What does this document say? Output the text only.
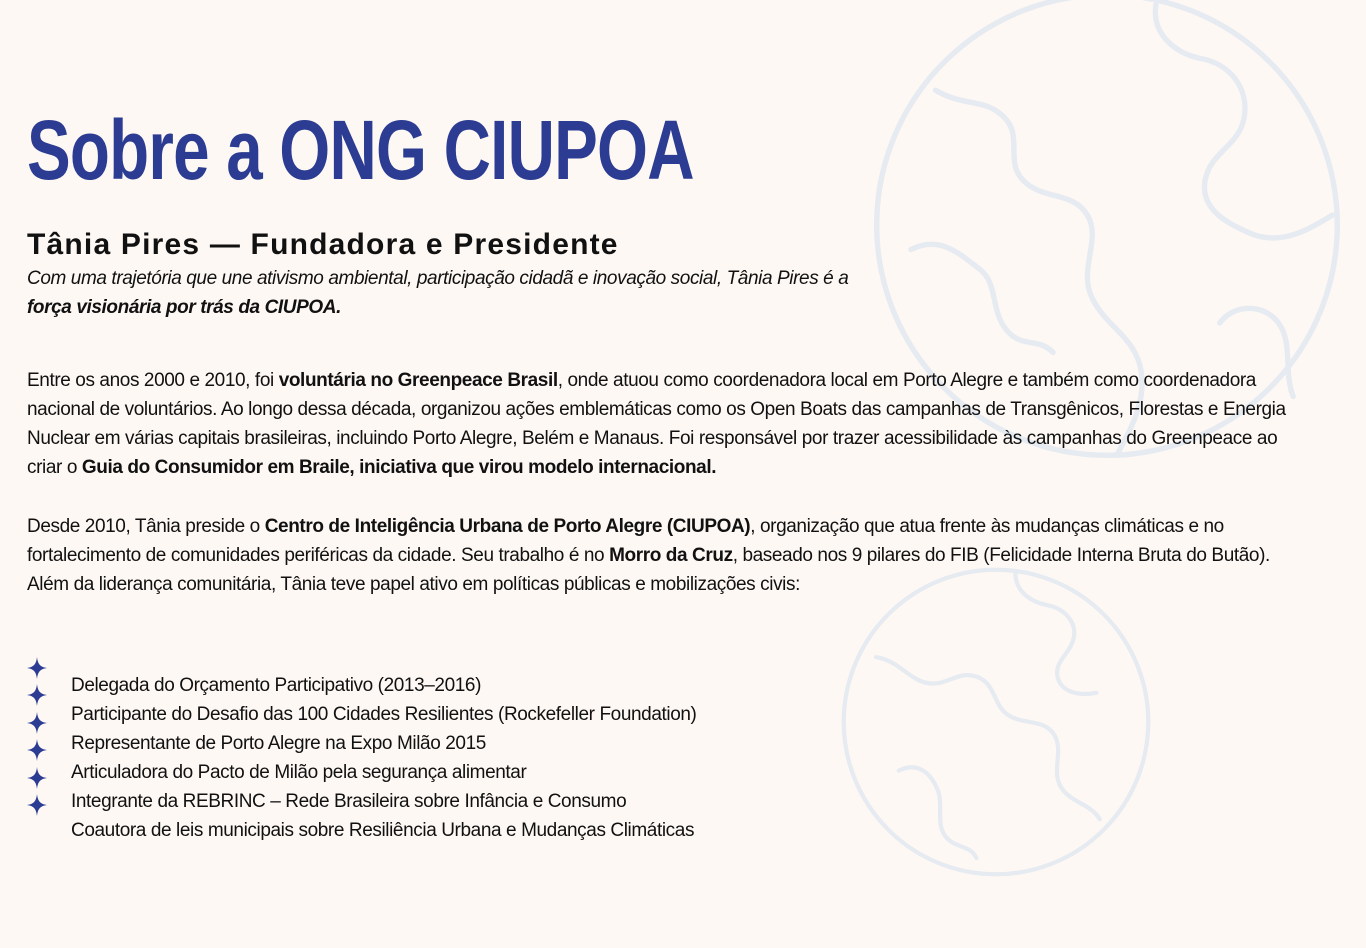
Sobre a ONG CIUPOA
Tânia Pires — Fundadora e Presidente

Com uma trajetória que une ativismo ambiental, participação cidadã e inovação social, Tânia Pires é a
força visionária por trás da CIUPOA.

Entre os anos 2000 e 2010, foi voluntária no Greenpeace Brasil, onde atuou como coordenadora local em Porto Alegre e também como coordenadora nacional de voluntários. Ao longo dessa década, organizou ações emblemáticas como os Open Boats das campanhas de Transgênicos, Florestas e Energia Nuclear em várias capitais brasileiras, incluindo Porto Alegre, Belém e Manaus. Foi responsável por trazer acessibilidade às campanhas do Greenpeace ao criar o Guia do Consumidor em Braile, iniciativa que virou modelo internacional.

Desde 2010, Tânia preside o Centro de Inteligência Urbana de Porto Alegre (CIUPOA), organização que atua frente às mudanças climáticas e no fortalecimento de comunidades periféricas da cidade. Seu trabalho é no Morro da Cruz, baseado nos 9 pilares do FIB (Felicidade Interna Bruta do Butão).
Além da liderança comunitária, Tânia teve papel ativo em políticas públicas e mobilizações civis:

Delegada do Orçamento Participativo (2013–2016)
Participante do Desafio das 100 Cidades Resilientes (Rockefeller Foundation)
Representante de Porto Alegre na Expo Milão 2015
Articuladora do Pacto de Milão pela segurança alimentar
Integrante da REBRINC – Rede Brasileira sobre Infância e Consumo
Coautora de leis municipais sobre Resiliência Urbana e Mudanças Climáticas
